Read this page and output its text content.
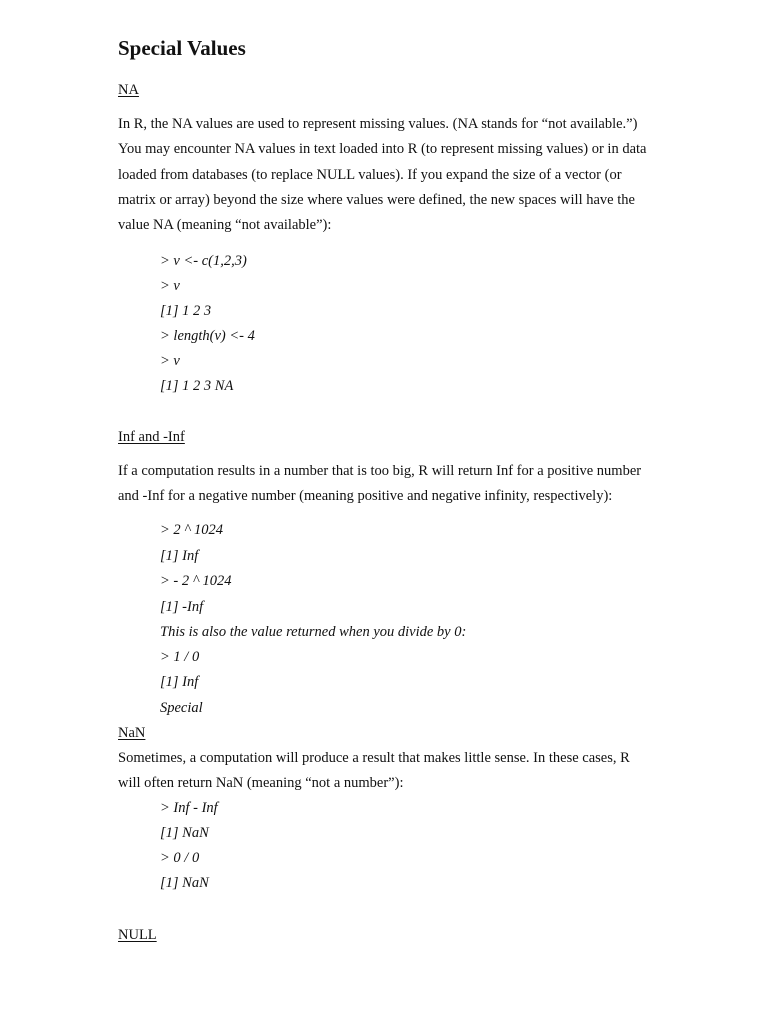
Special Values
NA

In R, the NA values are used to represent missing values. (NA stands for “not available.”) You may encounter NA values in text loaded into R (to represent missing values) or in data loaded from databases (to replace NULL values). If you expand the size of a vector (or matrix or array) beyond the size where values were defined, the new spaces will have the value NA (meaning “not available”):

> v <- c(1,2,3)
> v
[1] 1 2 3
> length(v) <- 4
> v
[1] 1 2 3 NA
Inf and -Inf

If a computation results in a number that is too big, R will return Inf for a positive number and -Inf for a negative number (meaning positive and negative infinity, respectively):

> 2 ^ 1024
[1] Inf
> - 2 ^ 1024
[1] -Inf
This is also the value returned when you divide by 0:
> 1 / 0
[1] Inf
Special
NaN

Sometimes, a computation will produce a result that makes little sense. In these cases, R will often return NaN (meaning “not a number”):

> Inf - Inf
[1] NaN
> 0 / 0
[1] NaN
NULL
